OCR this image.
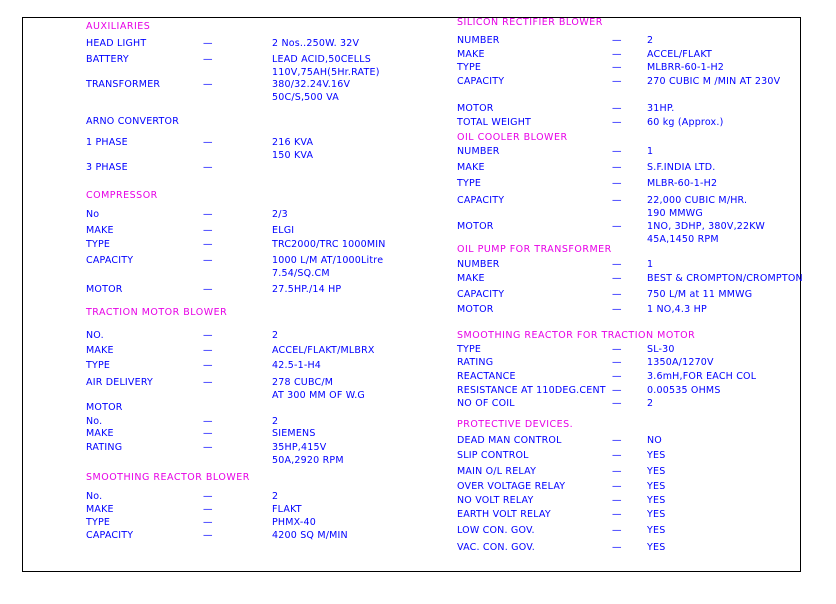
AUXILIARIES
HEAD LIGHT	—	2 Nos..250W. 32V
BATTERY	—	LEAD ACID,50CELLS
110V,75AH(5Hr.RATE)
TRANSFORMER	—	380/32.24V.16V
50C/S,500 VA
ARNO CONVERTOR
1 PHASE	—	216 KVA
150 KVA
3 PHASE	—
COMPRESSOR
No	—	2/3
MAKE	—	ELGI
TYPE	—	TRC2000/TRC 1000MIN
CAPACITY	—	1000 L/M AT/1000Litre
7.54/SQ.CM
MOTOR	—	27.5HP./14 HP
TRACTION MOTOR BLOWER
NO.	—	2
MAKE	—	ACCEL/FLAKT/MLBRX
TYPE	—	42.5-1-H4
AIR DELIVERY	—	278 CUBC/M
AT 300 MM OF W.G
MOTOR
No.	—	2
MAKE	—	SIEMENS
RATING	—	35HP,415V
50A,2920 RPM
SMOOTHING REACTOR BLOWER
No.	—	2
MAKE	—	FLAKT
TYPE	—	PHMX-40
CAPACITY	—	4200 SQ M/MIN
SILICON RECTIFIER BLOWER
NUMBER	—	2
MAKE	—	ACCEL/FLAKT
TYPE	—	MLBRR-60-1-H2
CAPACITY	—	270 CUBIC M /MIN AT 230V
MOTOR	—	31HP.
TOTAL WEIGHT	—	60 kg (Approx.)
OIL COOLER BLOWER
NUMBER	—	1
MAKE	—	S.F.INDIA LTD.
TYPE	—	MLBR-60-1-H2
CAPACITY	—	22,000 CUBIC M/HR.
190 MMWG
MOTOR	—	1NO, 3DHP, 380V,22KW
45A,1450 RPM
OIL PUMP FOR TRANSFORMER
NUMBER	—	1
MAKE	—	BEST & CROMPTON/CROMPTON
CAPACITY	—	750 L/M at 11 MMWG
MOTOR	—	1 NO,4.3 HP
SMOOTHING REACTOR FOR TRACTION MOTOR
TYPE	—	SL-30
RATING	—	1350A/1270V
REACTANCE	—	3.6mH,FOR EACH COL
RESISTANCE AT 110DEG.CENT —	0.00535 OHMS
NO OF COIL	—	2
PROTECTIVE DEVICES.
DEAD MAN CONTROL	—	NO
SLIP CONTROL	—	YES
MAIN O/L RELAY	—	YES
OVER VOLTAGE RELAY	—	YES
NO VOLT RELAY	—	YES
EARTH VOLT RELAY	—	YES
LOW CON. GOV.	—	YES
VAC. CON. GOV.	—	YES
